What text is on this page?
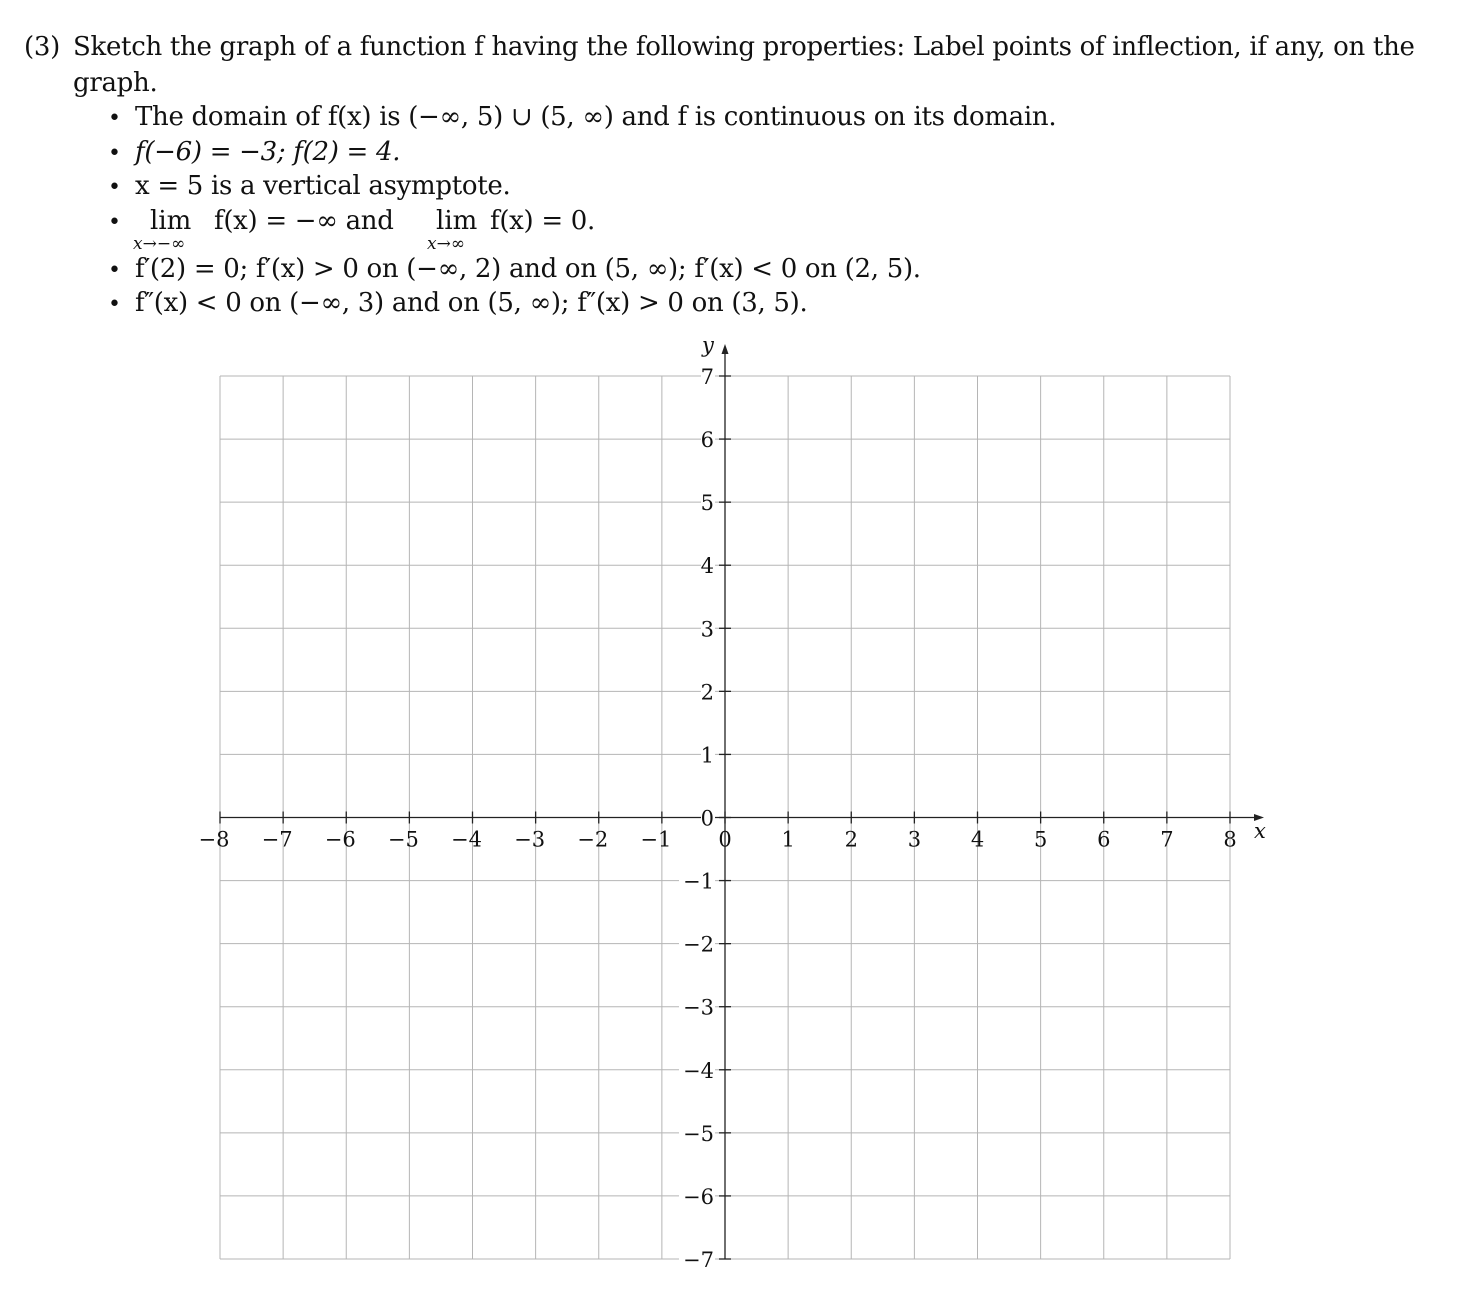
(3) Sketch the graph of a function f having the following properties: Label points of inflection, if any, on the
graph.
• The domain of f(x) is (−∞, 5) ∪ (5, ∞) and f is continuous on its domain.
• f(−6) = −3; f(2) = 4.
• x = 5 is a vertical asymptote.
• lim
x→−∞
f(x) = −∞ and lim
x→∞
f(x) = 0.
• f′(2) = 0; f′(x) > 0 on (−∞, 2) and on (5, ∞); f′(x) < 0 on (2, 5).
• f″(x) < 0 on (−∞, 3) and on (5, ∞); f″(x) > 0 on (3, 5).
−8 −7 −6 −5 −4 −3 −2 −1 0 1 2 3 4 5 6 7 8
−7
−6
−5
−4
−3
−2
−1
0
1
2
3
4
5
6
7
x
y
